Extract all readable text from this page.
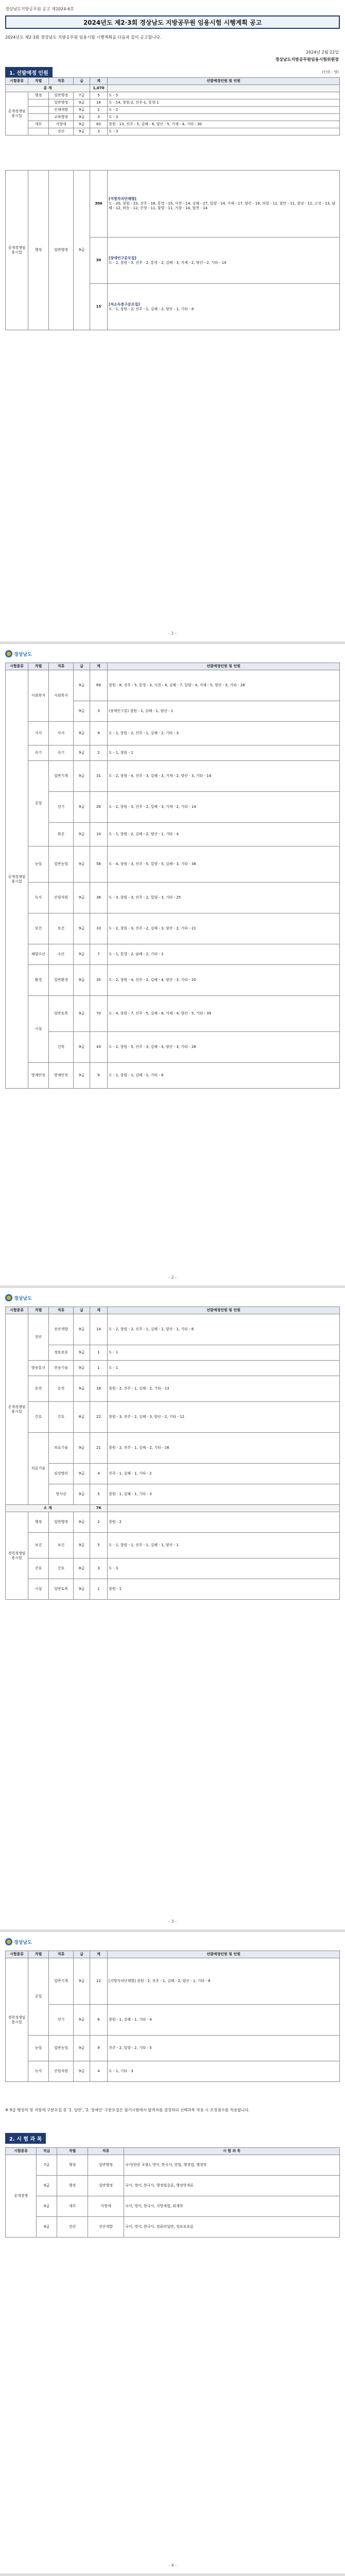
경상남도지방공무원 공고 제2024-6호
2024년도 제2·3회 경상남도 지방공무원 임용시험 시행계획 공고
2024년도 제2·3회 경상남도 지방공무원 임용시험 시행계획을 다음과 같이 공고합니다.
2024년 2월 22일
경상남도지방공무원임용시험위원장
1. 선발예정 인원	(단위 : 명)
시험종류	직렬	직류	급	계	선발예정인원 및 인원
총 계				1,070	
공개경쟁임용시험	행정	일반행정	7급	5	도 - 5
		일반행정	9급	18	도 - 14, 창원-2, 진주-1, 통영-1
		인재개발	9급	2	도 - 2
		교육행정	9급	3	도 - 3
	세무	지방세	9급	63	창원 - 13, 진주 - 5, 김해 - 6, 양산 - 5, 거제 - 4, 기타 - 30
		전산	9급	3	도 - 3
공개경쟁임용시험	행정	일반행정	9급	306	[지방자치단체별]
도 - 20, 창원 - 23, 진주 - 16, 통영 - 15, 사천 - 14, 김해 - 27, 밀양 - 14, 거제 - 17, 양산 - 19, 의령 - 11, 함안 - 11, 창녕 - 12, 고성 - 13, 남해 - 12, 하동 - 12, 산청 - 11, 함양 - 11, 거창 - 14, 합천 - 14
				30	[장애인구분모집]
도 - 2, 창원 - 3, 진주 - 2, 통영 - 2, 김해 - 3, 거제 - 2, 양산 - 2, 기타 - 14
				15	[저소득층구분모집]
도 - 1, 창원 - 2, 진주 - 1, 김해 - 2, 양산 - 1, 기타 - 8
- 1 -
경상남도
시험종류	직렬	직류	급	계	선발예정인원 및 인원
공개경쟁임용시험	사회복지	사회복지	9급	69	창원 - 8, 진주 - 5, 통영 - 3, 사천 - 4, 김해 - 7, 밀양 - 4, 거제 - 5, 양산 - 5, 기타 - 28
			9급	3	(장애인구분) 창원 - 1, 김해 - 1, 양산 - 1
	사서	사서	9급	9	도 - 1, 창원 - 2, 진주 - 1, 김해 - 2, 기타 - 3
	속기	속기	9급	2	도 - 1, 창원 - 1
	공업	일반기계	9급	31	도 - 2, 창원 - 4, 진주 - 3, 김해 - 3, 거제 - 2, 양산 - 3, 기타 - 14
		전기	9급	26	도 - 2, 창원 - 3, 진주 - 2, 김해 - 3, 거제 - 2, 기타 - 14
		화공	9급	10	도 - 1, 창원 - 2, 김해 - 2, 양산 - 1, 기타 - 4
	농업	일반농업	9급	58	도 - 4, 창원 - 3, 진주 - 5, 밀양 - 5, 김해 - 3, 기타 - 38
	녹지	산림자원	9급	36	도 - 3, 창원 - 3, 진주 - 2, 밀양 - 3, 기타 - 25
	보건	보건	9급	33	도 - 2, 창원 - 3, 진주 - 2, 김해 - 3, 양산 - 2, 기타 - 21
	해양수산	수산	9급	7	도 - 1, 통영 - 2, 남해 - 2, 기타 - 2
	환경	일반환경	9급	35	도 - 2, 창원 - 4, 진주 - 2, 김해 - 4, 양산 - 3, 기타 - 20
	시설	일반토목	9급	70	도 - 4, 창원 - 7, 진주 - 5, 김해 - 6, 거제 - 4, 양산 - 5, 기타 - 39
		건축	9급	43	도 - 2, 창원 - 5, 진주 - 3, 김해 - 4, 양산 - 3, 기타 - 26
	방재안전	방재안전	9급	9	도 - 1, 창원 - 1, 김해 - 1, 기타 - 6
- 2 -
경상남도
시험종류	직렬	직류	급	계	선발예정인원 및 인원
공개경쟁임용시험	전산	전산개발	9급	14	도 - 2, 창원 - 2, 진주 - 1, 김해 - 2, 양산 - 1, 기타 - 6
		정보보호	9급	1	도 - 1
	방송통신	전송기술	9급	1	도 - 1
	운전	운전	9급	18	창원 - 2, 진주 - 1, 김해 - 2, 기타 - 13
	간호	간호	8급	22	창원 - 3, 진주 - 2, 김해 - 3, 양산 - 2, 기타 - 12
	의료기술	의료기술	9급	21	창원 - 2, 진주 - 1, 김해 - 2, 기타 - 16
		임상병리	9급	4	진주 - 1, 김해 - 1, 기타 - 2
		방사선	9급	5	창원 - 1, 김해 - 1, 기타 - 3
소 계				76	
경력경쟁임용시험	행정	일반행정	9급	2	창원 - 2
	보건	보건	9급	5	도 - 1, 창원 - 1, 진주 - 1, 김해 - 1, 양산 - 1
	간호	간호	8급	3	도 - 3
	시설	일반토목	9급	1	창원 - 1
- 3 -
경상남도
시험종류	직렬	직류	급	계	선발예정인원 및 인원
경력경쟁임용시험	공업	일반기계	9급	12	[지방자치단체별] 창원 - 2, 진주 - 1, 김해 - 2, 양산 - 1, 기타 - 6
		전기	9급	6	창원 - 1, 김해 - 1, 기타 - 4
	농업	일반농업	9급	9	진주 - 2, 밀양 - 2, 기타 - 5
	녹지	산림자원	9급	4	도 - 1, 기타 - 3
※ 9급 행정직 및 지방세 구분모집 중 '1. 일반', '2. 장애인' 구분모집은 필기시험에서 합격자를 결정하되 선택과목 적용 시 조정점수를 적용합니다.
2. 시 험 과 목
시험종류	직급	직렬	직류	시 험 과 목
공개경쟁	7급	행정	일반행정	국어(한문 포함), 영어, 한국사, 헌법, 행정법, 행정학
	9급	행정	일반행정	국어, 영어, 한국사, 행정법총론, 행정학개론
	9급	세무	지방세	국어, 영어, 한국사, 지방세법, 회계학
	9급	전산	전산개발	국어, 영어, 한국사, 컴퓨터일반, 정보보호론
- 4 -
